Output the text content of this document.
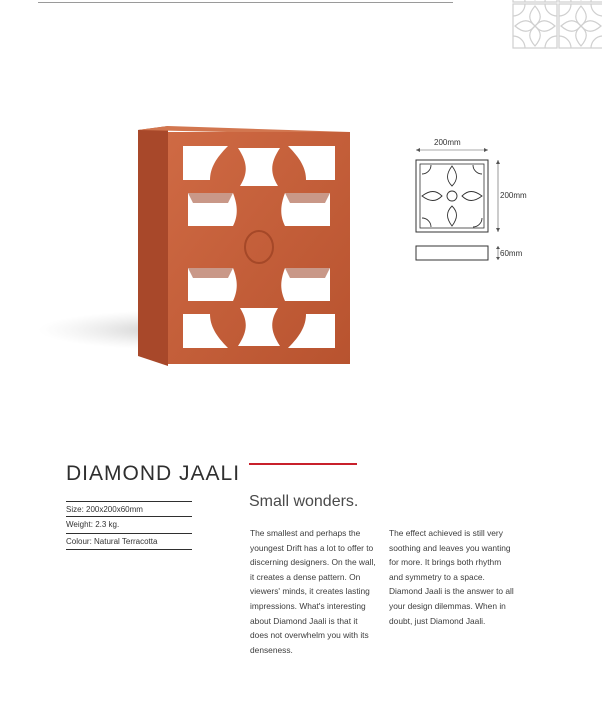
200mm
200mm
60mm
DIAMOND JAALI
Size: 200x200x60mm
Weight: 2.3 kg.
Colour: Natural Terracotta
Small wonders.
The smallest and perhaps the youngest Drift has a lot to offer to discerning designers. On the wall, it creates a dense pattern. On viewers' minds, it creates lasting impressions. What's interesting about Diamond Jaali is that it does not overwhelm you with its denseness.
The effect achieved is still very soothing and leaves you wanting for more. It brings both rhythm and symmetry to a space. Diamond Jaali is the answer to all your design dilemmas. When in doubt, just Diamond Jaali.
